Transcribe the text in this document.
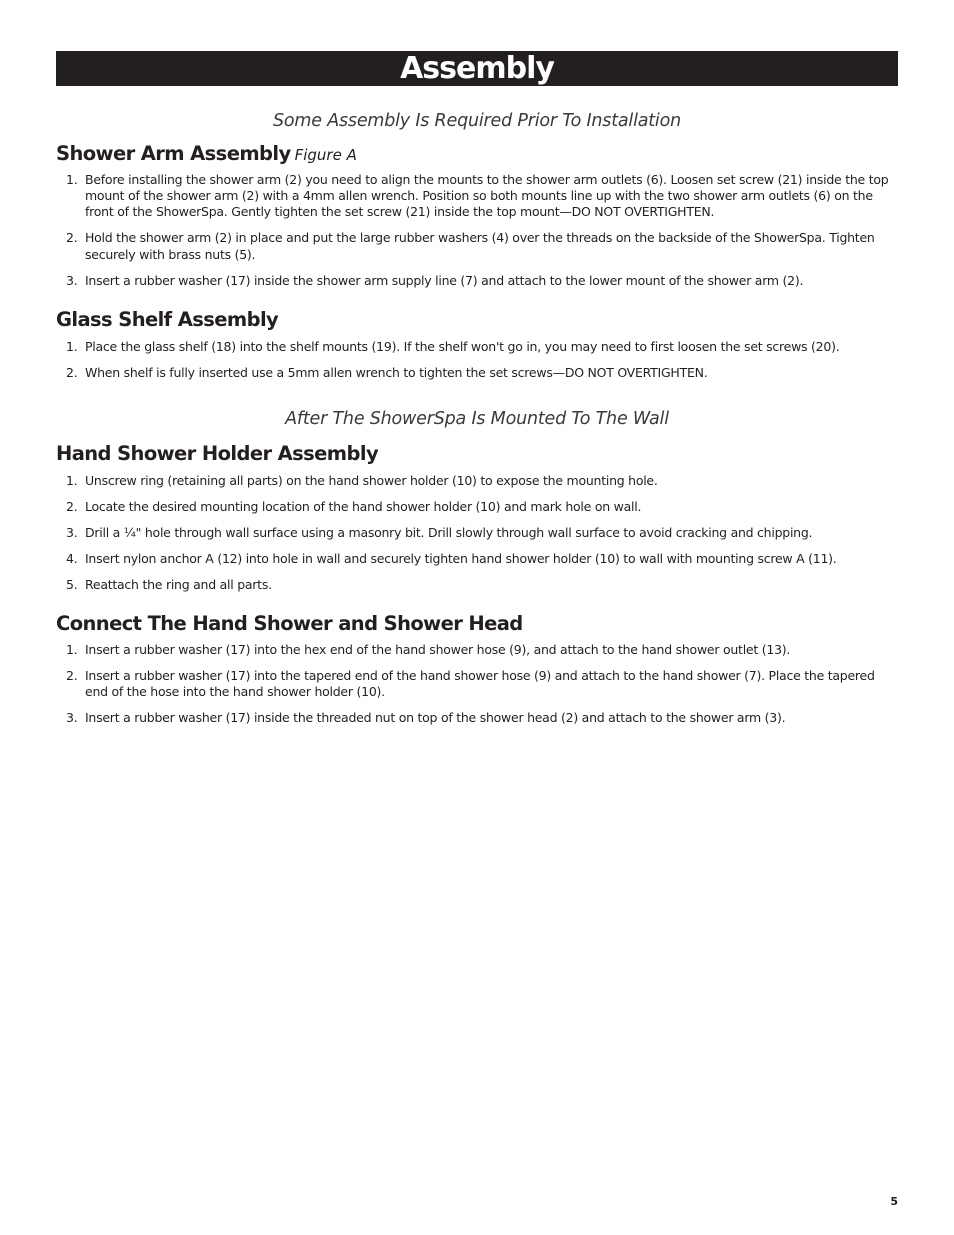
Assembly
Some Assembly Is Required Prior To Installation
Shower Arm Assembly Figure A
1. Before installing the shower arm (2) you need to align the mounts to the shower arm outlets (6). Loosen set screw (21) inside the top mount of the shower arm (2) with a 4mm allen wrench. Position so both mounts line up with the two shower arm outlets (6) on the front of the ShowerSpa. Gently tighten the set screw (21) inside the top mount—DO NOT OVERTIGHTEN.
2. Hold the shower arm (2) in place and put the large rubber washers (4) over the threads on the backside of the ShowerSpa. Tighten securely with brass nuts (5).
3. Insert a rubber washer (17) inside the shower arm supply line (7) and attach to the lower mount of the shower arm (2).
Glass Shelf Assembly
1. Place the glass shelf (18) into the shelf mounts (19). If the shelf won't go in, you may need to first loosen the set screws (20).
2. When shelf is fully inserted use a 5mm allen wrench to tighten the set screws—DO NOT OVERTIGHTEN.
After The ShowerSpa Is Mounted To The Wall
Hand Shower Holder Assembly
1. Unscrew ring (retaining all parts) on the hand shower holder (10) to expose the mounting hole.
2. Locate the desired mounting location of the hand shower holder (10) and mark hole on wall.
3. Drill a ¼" hole through wall surface using a masonry bit. Drill slowly through wall surface to avoid cracking and chipping.
4. Insert nylon anchor A (12) into hole in wall and securely tighten hand shower holder (10) to wall with mounting screw A (11).
5. Reattach the ring and all parts.
Connect The Hand Shower and Shower Head
1. Insert a rubber washer (17) into the hex end of the hand shower hose (9), and attach to the hand shower outlet (13).
2. Insert a rubber washer (17) into the tapered end of the hand shower hose (9) and attach to the hand shower (7). Place the tapered end of the hose into the hand shower holder (10).
3. Insert a rubber washer (17) inside the threaded nut on top of the shower head (2) and attach to the shower arm (3).
5
